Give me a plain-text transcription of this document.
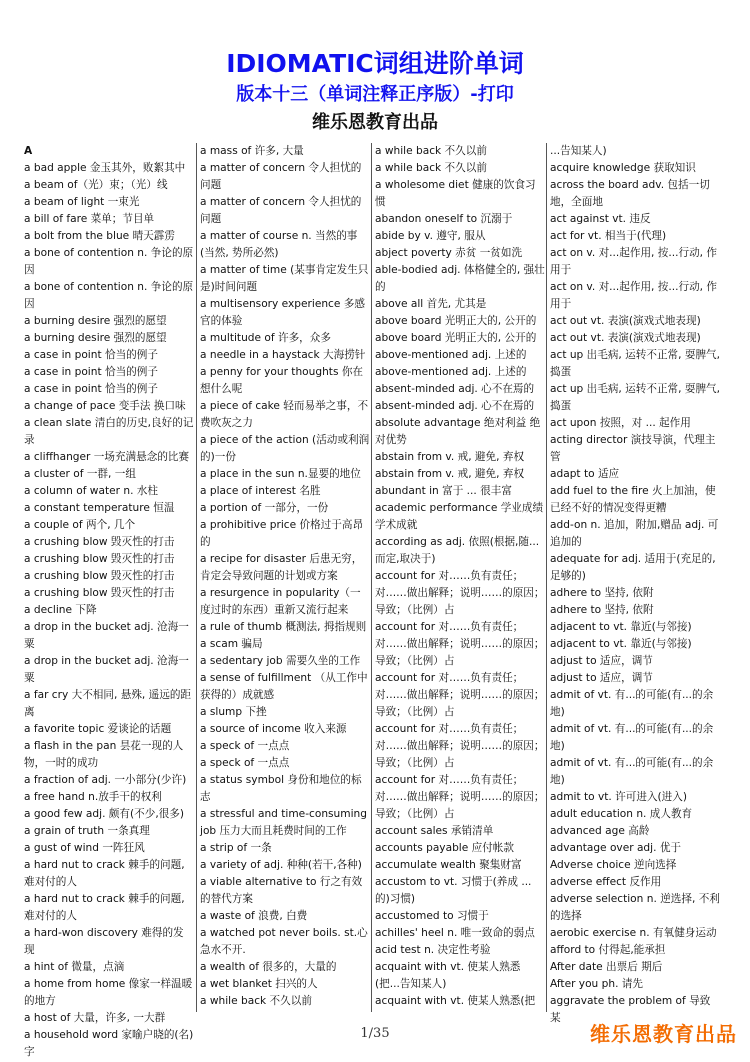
IDIOMATIC词组进阶单词
版本十三（单词注释正序版）-打印
维乐恩教育出品

A

a bad apple 金玉其外，败絮其中

a beam of（光）束；（光）线

a beam of light 一束光

a bill of fare 菜单；节目单

a bolt from the blue 晴天霹雳

a bone of contention n. 争论的原因

a bone of contention n. 争论的原因

a burning desire 强烈的愿望

a burning desire 强烈的愿望

a case in point 恰当的例子

a case in point 恰当的例子

a case in point 恰当的例子

a change of pace 变手法 换口味

a clean slate 清白的历史,良好的记录

a cliffhanger 一场充满悬念的比赛

a cluster of 一群, 一组

a column of water n. 水柱

a constant temperature 恒温

a couple of 两个, 几个

a crushing blow 毁灭性的打击

a crushing blow 毁灭性的打击

a crushing blow 毁灭性的打击

a crushing blow 毁灭性的打击

a decline 下降

a drop in the bucket adj. 沧海一粟

a drop in the bucket adj. 沧海一粟

a far cry 大不相同, 悬殊, 遥远的距离

a favorite topic 爱谈论的话题

a flash in the pan 昙花一现的人物，一时的成功

a fraction of adj. 一小部分(少许)

a free hand n.放手干的权利

a good few adj. 颇有(不少,很多)

a grain of truth 一条真理

a gust of wind 一阵狂风

a hard nut to crack 棘手的问题,难对付的人

a hard nut to crack 棘手的问题,难对付的人

a hard-won discovery 难得的发现

a hint of 微量，点滴

a home from home 像家一样温暖的地方

a host of 大量，许多, 一大群

a household word 家喻户晓的(名)字

a mass of 许多, 大量

a matter of concern 令人担忧的问题

a matter of concern 令人担忧的问题

a matter of course n. 当然的事(当然, 势所必然)

a matter of time (某事肯定发生只是)时间问题

a multisensory experience 多感官的体验

a multitude of 许多，众多

a needle in a haystack 大海捞针

a penny for your thoughts 你在想什么呢

a piece of cake 轻而易举之事，不费吹灰之力

a piece of the action (活动或利润的)一份

a place in the sun n.显要的地位

a place of interest 名胜

a portion of 一部分，一份

a prohibitive price 价格过于高昂的

a recipe for disaster 后患无穷，肯定会导致问题的计划或方案

a resurgence in popularity（一度过时的东西）重新又流行起来

a rule of thumb 概测法, 拇指规则

a scam 骗局

a sedentary job 需要久坐的工作

a sense of fulfillment （从工作中获得的）成就感

a slump 下挫

a source of income 收入来源

a speck of 一点点

a speck of 一点点

a status symbol 身份和地位的标志

a stressful and time-consuming job 压力大而且耗费时间的工作

a strip of 一条

a variety of adj. 种种(若干,各种)

a viable alternative to 行之有效的替代方案

a waste of 浪费, 白费

a watched pot never boils. st.心急水不开.

a wealth of 很多的，大量的

a wet blanket 扫兴的人

a while back 不久以前

a while back 不久以前

a while back 不久以前

a wholesome diet 健康的饮食习惯

abandon oneself to 沉溺于

abide by v. 遵守, 服从

abject poverty 赤贫 一贫如洗

able-bodied adj. 体格健全的, 强壮的

above all 首先, 尤其是

above board 光明正大的, 公开的

above board 光明正大的, 公开的

above-mentioned adj. 上述的

above-mentioned adj. 上述的

absent-minded adj. 心不在焉的

absent-minded adj. 心不在焉的

absolute advantage 绝对利益 绝对优势

abstain from v. 戒, 避免, 弃权

abstain from v. 戒, 避免, 弃权

abundant in 富于 ... 很丰富

academic performance 学业成绩 学术成就

according as adj. 依照(根据,随...而定,取决于)

account for 对……负有责任；对……做出解释；说明……的原因；导致；（比例）占

account for 对……负有责任；对……做出解释；说明……的原因；导致；（比例）占

account for 对……负有责任；对……做出解释；说明……的原因；导致；（比例）占

account for 对……负有责任；对……做出解释；说明……的原因；导致；（比例）占

account for 对……负有责任；对……做出解释；说明……的原因；导致；（比例）占

account sales 承销清单

accounts payable 应付帐款

accumulate wealth 聚集财富

accustom to vt. 习惯于(养成 ... 的)习惯)

accustomed to 习惯于

achilles' heel n. 唯一致命的弱点

acid test n. 决定性考验

acquaint with vt. 使某人熟悉(把...告知某人)

acquaint with vt. 使某人熟悉(把

...告知某人)

acquire knowledge 获取知识

across the board adv. 包括一切地，全面地

act against vt. 违反

act for vt. 相当于(代理)

act on v. 对...起作用, 按...行动, 作用于

act on v. 对...起作用, 按...行动, 作用于

act out vt. 表演(演戏式地表现)

act out vt. 表演(演戏式地表现)

act up 出毛病, 运转不正常, 耍脾气, 捣蛋

act up 出毛病, 运转不正常, 耍脾气, 捣蛋

act upon 按照，对 ... 起作用

acting director 演技导演，代理主管

adapt to 适应

add fuel to the fire 火上加油，使已经不好的情况变得更糟

add-on n. 追加，附加,赠品 adj. 可追加的

adequate for adj. 适用于(充足的,足够的)

adhere to 坚持, 依附

adhere to 坚持, 依附

adjacent to vt. 靠近(与邻接)

adjacent to vt. 靠近(与邻接)

adjust to 适应，调节

adjust to 适应，调节

admit of vt. 有...的可能(有...的余地)

admit of vt. 有...的可能(有...的余地)

admit of vt. 有...的可能(有...的余地)

admit to vt. 许可进入(进入)

adult education n. 成人教育

advanced age 高龄

advantage over adj. 优于

Adverse choice 逆向选择

adverse effect 反作用

adverse selection n. 逆选择, 不利的选择

aerobic exercise n. 有氧健身运动

afford to 付得起,能承担

After date 出票后 期后

After you ph. 请先

aggravate the problem of 导致某

1/35	维乐恩教育出品
